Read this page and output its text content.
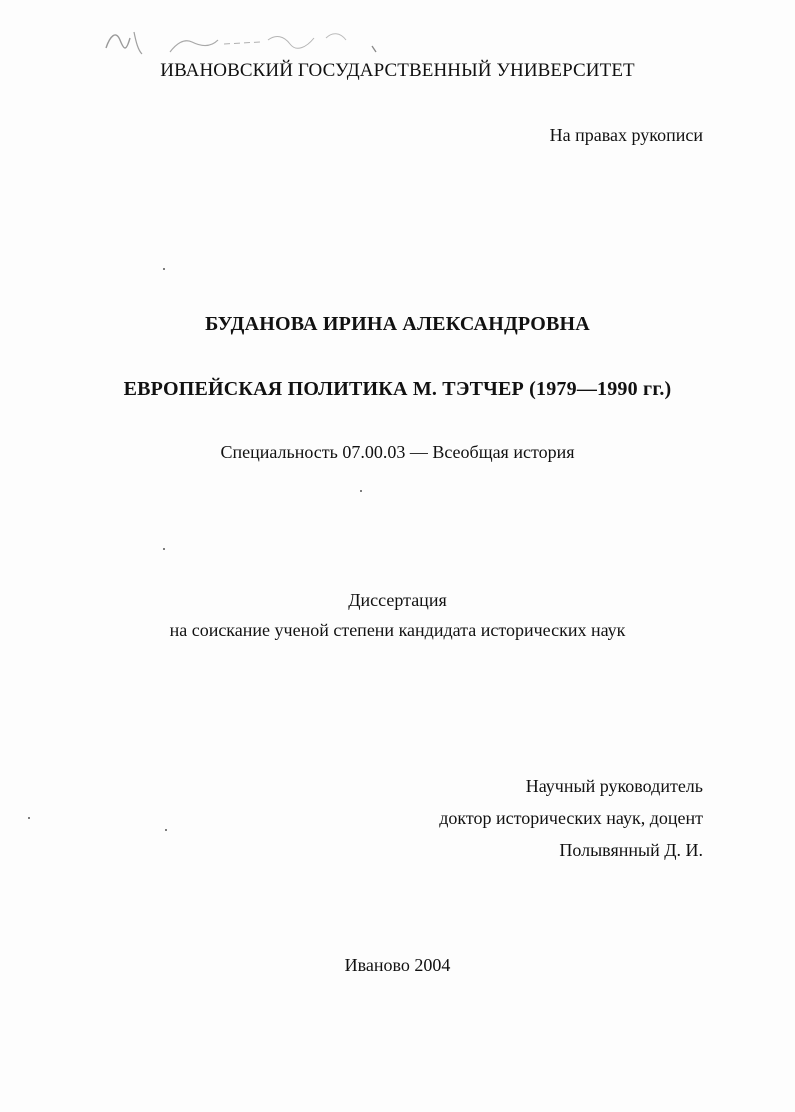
ИВАНОВСКИЙ ГОСУДАРСТВЕННЫЙ УНИВЕРСИТЕТ
На правах рукописи
БУДАНОВА ИРИНА АЛЕКСАНДРОВНА
ЕВРОПЕЙСКАЯ ПОЛИТИКА М. ТЭТЧЕР (1979—1990 гг.)
Специальность 07.00.03 — Всеобщая история
Диссертация
на соискание ученой степени кандидата исторических наук
Научный руководитель
доктор исторических наук, доцент
Полывянный Д. И.
Иваново 2004
